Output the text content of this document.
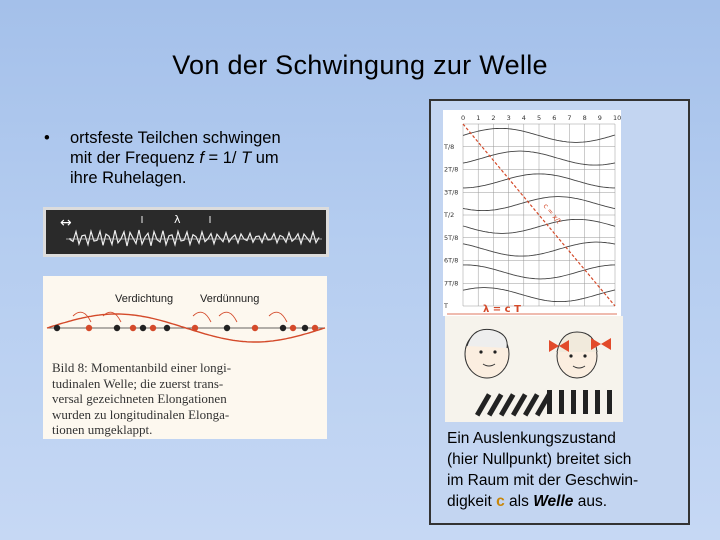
Von der Schwingung zur Welle
• ortsfeste Teilchen schwingen
mit der Frequenz f = 1/ T um
ihre Ruhelagen.
↔	λ
Verdichtung Verdünnung
Bild 8: Momentanbild einer longi-
tudinalen Welle; die zuerst trans-
versal gezeichneten Elongationen
wurden zu longitudinalen Elonga-
tionen umgeklappt.
0 1 2 3 4 5 6 7 8 9 10
T/8
2T/8
3T/8
T/2
5T/8
6T/8
7T/8
T
c = x/t
λ = c T
Ein Auslenkungszustand
(hier Nullpunkt) breitet sich
im Raum mit der Geschwin-
digkeit c als Welle aus.
